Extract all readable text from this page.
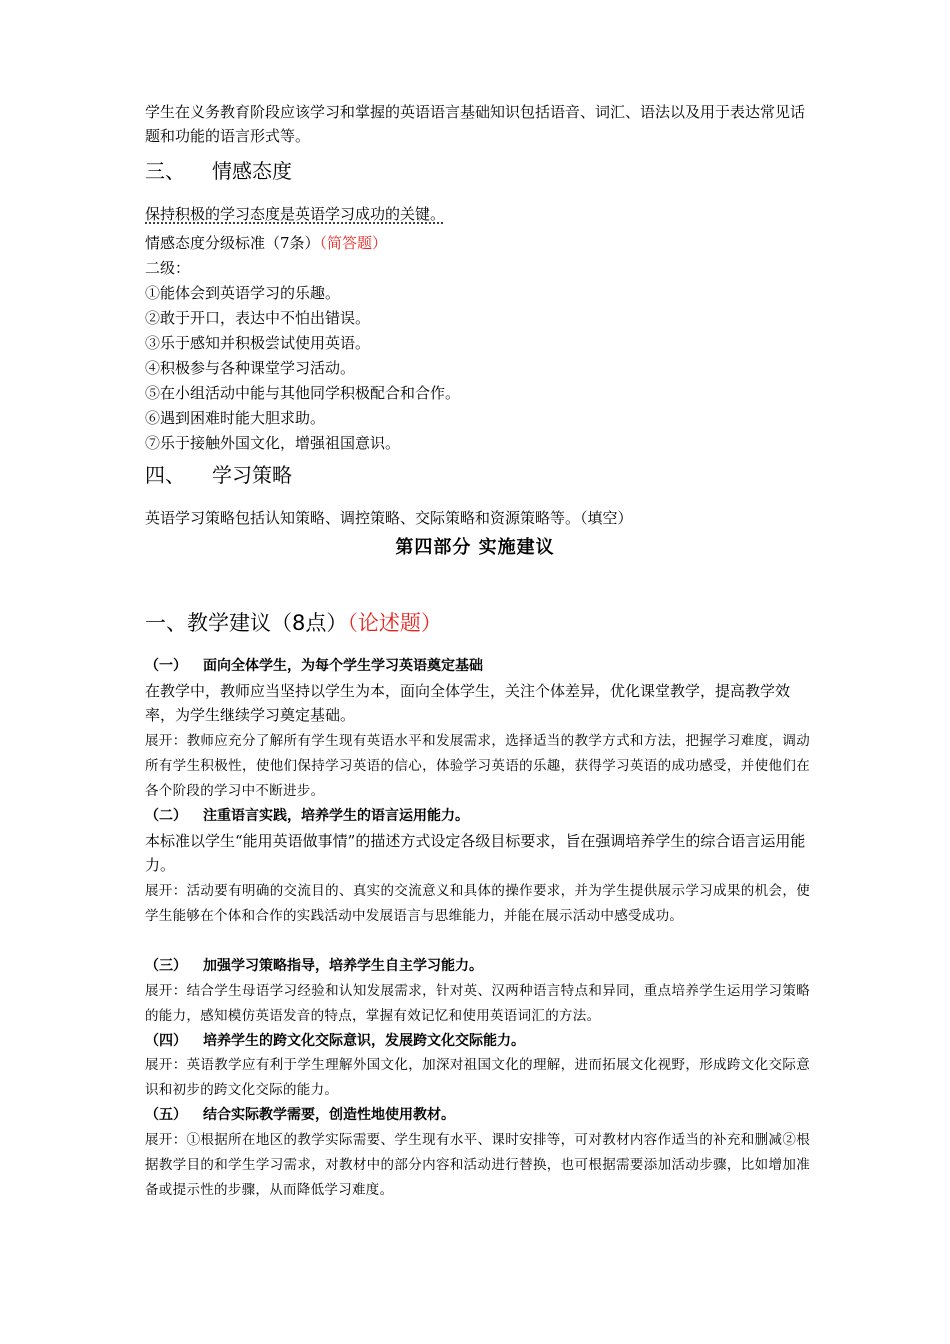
学生在义务教育阶段应该学习和掌握的英语语言基础知识包括语音、词汇、语法以及用于表达常见话题和功能的语言形式等。
三、 情感态度
保持积极的学习态度是英语学习成功的关键。
情感态度分级标准（7条）（简答题）
二级：
①能体会到英语学习的乐趣。
②敢于开口，表达中不怕出错误。
③乐于感知并积极尝试使用英语。
④积极参与各种课堂学习活动。
⑤在小组活动中能与其他同学积极配合和合作。
⑥遇到困难时能大胆求助。
⑦乐于接触外国文化，增强祖国意识。
四、 学习策略
英语学习策略包括认知策略、调控策略、交际策略和资源策略等。（填空）
第四部分 实施建议
一、教学建议（8点）（论述题）
（一） 面向全体学生，为每个学生学习英语奠定基础
在教学中，教师应当坚持以学生为本，面向全体学生，关注个体差异，优化课堂教学，提高教学效率，为学生继续学习奠定基础。
展开：教师应充分了解所有学生现有英语水平和发展需求，选择适当的教学方式和方法，把握学习难度，调动所有学生积极性，使他们保持学习英语的信心，体验学习英语的乐趣，获得学习英语的成功感受，并使他们在各个阶段的学习中不断进步。
（二） 注重语言实践，培养学生的语言运用能力。
本标准以学生“能用英语做事情”的描述方式设定各级目标要求，旨在强调培养学生的综合语言运用能力。
展开：活动要有明确的交流目的、真实的交流意义和具体的操作要求，并为学生提供展示学习成果的机会，使学生能够在个体和合作的实践活动中发展语言与思维能力，并能在展示活动中感受成功。
（三） 加强学习策略指导，培养学生自主学习能力。
展开：结合学生母语学习经验和认知发展需求，针对英、汉两种语言特点和异同，重点培养学生运用学习策略的能力，感知模仿英语发音的特点，掌握有效记忆和使用英语词汇的方法。
（四） 培养学生的跨文化交际意识，发展跨文化交际能力。
展开：英语教学应有利于学生理解外国文化，加深对祖国文化的理解，进而拓展文化视野，形成跨文化交际意识和初步的跨文化交际的能力。
（五） 结合实际教学需要，创造性地使用教材。
展开：①根据所在地区的教学实际需要、学生现有水平、课时安排等，可对教材内容作适当的补充和删减②根据教学目的和学生学习需求，对教材中的部分内容和活动进行替换，也可根据需要添加活动步骤，比如增加准备或提示性的步骤，从而降低学习难度。
